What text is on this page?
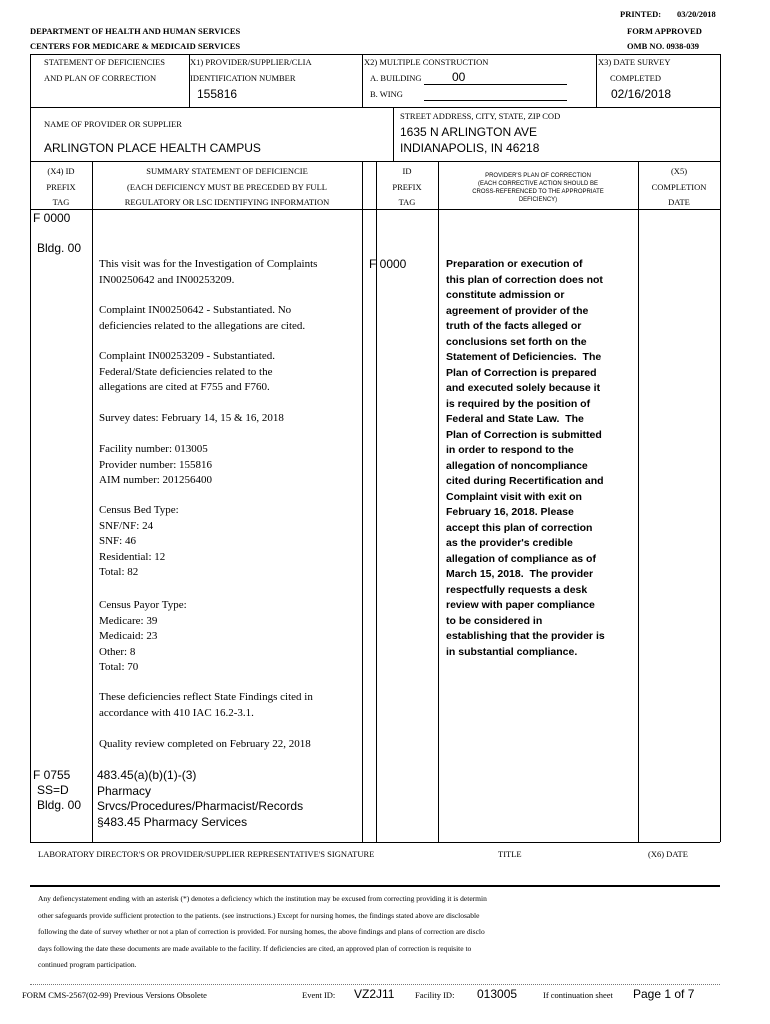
PRINTED: 03/20/2018
DEPARTMENT OF HEALTH AND HUMAN SERVICES	FORM APPROVED
CENTERS FOR MEDICARE & MEDICAID SERVICES	OMB NO. 0938-039
STATEMENT OF DEFICIENCIES
AND PLAN OF CORRECTION
X1) PROVIDER/SUPPLIER/CLIA
IDENTIFICATION NUMBER
155816
X2) MULTIPLE CONSTRUCTION
A. BUILDING	00
B. WING
X3) DATE SURVEY
COMPLETED
02/16/2018
NAME OF PROVIDER OR SUPPLIER
ARLINGTON PLACE HEALTH CAMPUS
STREET ADDRESS, CITY, STATE, ZIP COD
1635 N ARLINGTON AVE
INDIANAPOLIS, IN 46218
(X4) ID
PREFIX
TAG
SUMMARY STATEMENT OF DEFICIENCIE
(EACH DEFICIENCY MUST BE PRECEDED BY FULL
REGULATORY OR LSC IDENTIFYING INFORMATION
ID
PREFIX
TAG
PROVIDER'S PLAN OF CORRECTION
(EACH CORRECTIVE ACTION SHOULD BE
CROSS-REFERENCED TO THE APPROPRIATE
DEFICIENCY)
(X5)
COMPLETION
DATE
F 0000
Bldg. 00
This visit was for the Investigation of Complaints
IN00250642 and IN00253209.
Complaint IN00250642 - Substantiated. No
deficiencies related to the allegations are cited.
Complaint IN00253209 - Substantiated.
Federal/State deficiencies related to the
allegations are cited at F755 and F760.
Survey dates: February 14, 15 & 16, 2018
Facility number: 013005
Provider number: 155816
AIM number: 201256400
Census Bed Type:
SNF/NF: 24
SNF: 46
Residential: 12
Total: 82
Census Payor Type:
Medicare: 39
Medicaid: 23
Other: 8
Total: 70
These deficiencies reflect State Findings cited in
accordance with 410 IAC 16.2-3.1.
Quality review completed on February 22, 2018
F 0000	Preparation or execution of
this plan of correction does not
constitute admission or
agreement of provider of the
truth of the facts alleged or
conclusions set forth on the
Statement of Deficiencies.  The
Plan of Correction is prepared
and executed solely because it
is required by the position of
Federal and State Law.  The
Plan of Correction is submitted
in order to respond to the
allegation of noncompliance
cited during Recertification and
Complaint visit with exit on
February 16, 2018. Please
accept this plan of correction
as the provider's credible
allegation of compliance as of
March 15, 2018.  The provider
respectfully requests a desk
review with paper compliance
to be considered in
establishing that the provider is
in substantial compliance.
F 0755
SS=D
Bldg. 00
483.45(a)(b)(1)-(3)
Pharmacy
Srvcs/Procedures/Pharmacist/Records
§483.45 Pharmacy Services
LABORATORY DIRECTOR'S OR PROVIDER/SUPPLIER REPRESENTATIVE'S SIGNATURE	TITLE	(X6) DATE
Any defiencystatement ending with an asterisk (*) denotes a deficiency which the institution may be excused from correcting providing it is determin
other safeguards provide sufficient protection to the patients. (see instructions.) Except for nursing homes, the findings stated above are disclosable
following the date of survey whether or not a plan of correction is provided. For nursing homes, the above findings and plans of correction are disclo
days following the date these documents are made available to the facility. If deficiencies are cited, an approved plan of correction is requisite to
continued program participation.
FORM CMS-2567(02-99) Previous Versions Obsolete	Event ID: VZ2J11 Facility ID: 013005	If continuation sheet Page 1 of 7
